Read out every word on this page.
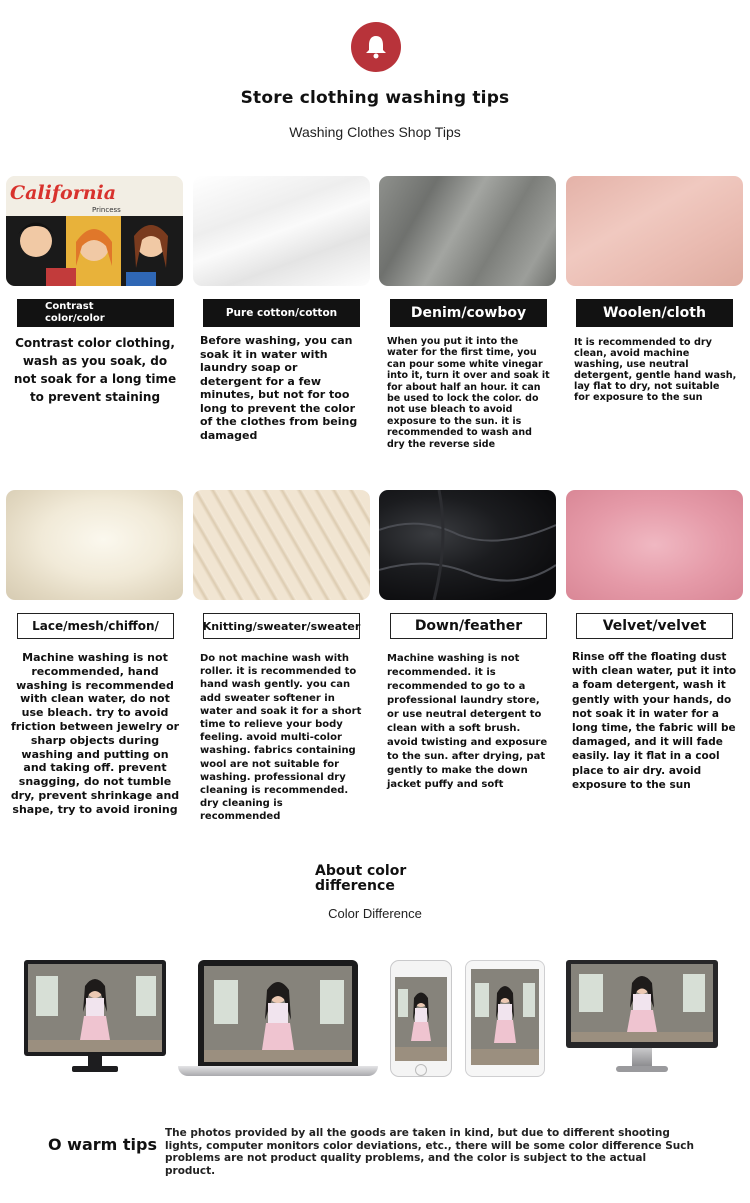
Store clothing washing tips
Washing Clothes Shop Tips
California
Princess
Contrast color/color	Pure cotton/cotton	Denim/cowboy	Woolen/cloth
Contrast color clothing, wash as you soak, do not soak for a long time to prevent staining
Before washing, you can soak it in water with laundry soap or detergent for a few minutes, but not for too long to prevent the color of the clothes from being damaged
When you put it into the water for the first time, you can pour some white vinegar into it, turn it over and soak it for about half an hour. it can be used to lock the color. do not use bleach to avoid exposure to the sun. it is recommended to wash and dry the reverse side
It is recommended to dry clean, avoid machine washing, use neutral detergent, gentle hand wash, lay flat to dry, not suitable for exposure to the sun
Lace/mesh/chiffon/	Knitting/sweater/sweater	Down/feather	Velvet/velvet
Machine washing is not recommended, hand washing is recommended with clean water, do not use bleach. try to avoid friction between jewelry or sharp objects during washing and putting on and taking off. prevent snagging, do not tumble dry, prevent shrinkage and shape, try to avoid ironing
Do not machine wash with roller. it is recommended to hand wash gently. you can add sweater softener in water and soak it for a short time to relieve your body feeling. avoid multi-color washing. fabrics containing wool are not suitable for washing. professional dry cleaning is recommended. dry cleaning is recommended
Machine washing is not recommended. it is recommended to go to a professional laundry store, or use neutral detergent to clean with a soft brush. avoid twisting and exposure to the sun. after drying, pat gently to make the down jacket puffy and soft
Rinse off the floating dust with clean water, put it into a foam detergent, wash it gently with your hands, do not soak it in water for a long time, the fabric will be damaged, and it will fade easily. lay it flat in a cool place to air dry. avoid exposure to the sun
About color difference
Color Difference
O warm tips
The photos provided by all the goods are taken in kind, but due to different shooting lights, computer monitors color deviations, etc., there will be some color difference Such problems are not product quality problems, and the color is subject to the actual product.
